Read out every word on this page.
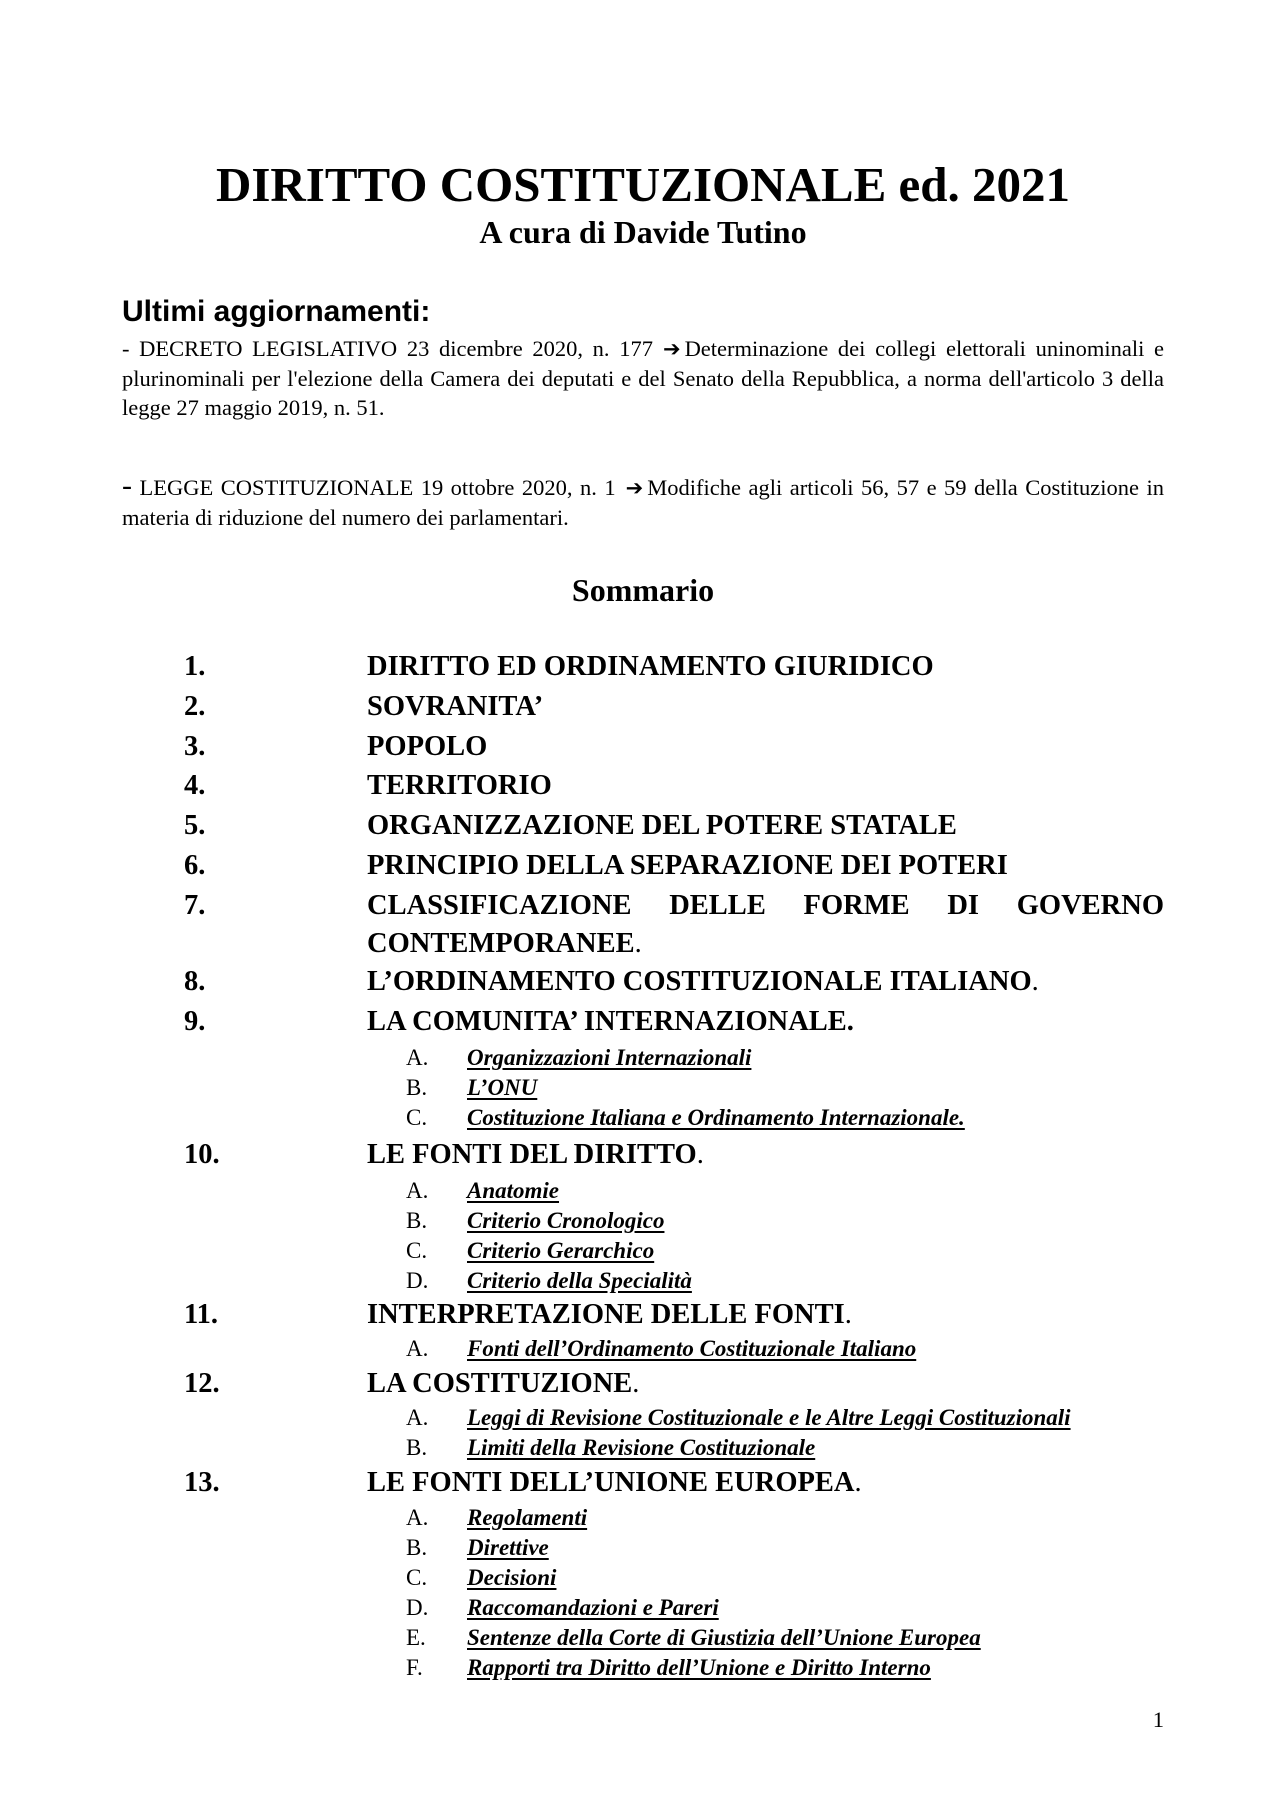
DIRITTO COSTITUZIONALE ed. 2021
A cura di Davide Tutino
Ultimi aggiornamenti:

- DECRETO LEGISLATIVO 23 dicembre 2020, n. 177 ➔ Determinazione dei collegi elettorali uninominali e plurinominali per l'elezione della Camera dei deputati e del Senato della Repubblica, a norma dell'articolo 3 della legge 27 maggio 2019, n. 51.

- LEGGE COSTITUZIONALE 19 ottobre 2020, n. 1 ➔ Modifiche agli articoli 56, 57 e 59 della Costituzione in materia di riduzione del numero dei parlamentari.

Sommario
1.	DIRITTO ED ORDINAMENTO GIURIDICO
2.	SOVRANITA’
3.	POPOLO
4.	TERRITORIO
5.	ORGANIZZAZIONE DEL POTERE STATALE
6.	PRINCIPIO DELLA SEPARAZIONE DEI POTERI
7.	CLASSIFICAZIONE DELLE FORME DI GOVERNO CONTEMPORANEE.
8.	L’ORDINAMENTO COSTITUZIONALE ITALIANO.
9.	LA COMUNITA’ INTERNAZIONALE.
A. Organizzazioni Internazionali
B. L’ONU
C. Costituzione Italiana e Ordinamento Internazionale.
10.	LE FONTI DEL DIRITTO.
A. Anatomie
B. Criterio Cronologico
C. Criterio Gerarchico
D. Criterio della Specialità
11.	INTERPRETAZIONE DELLE FONTI.
A. Fonti dell’Ordinamento Costituzionale Italiano
12.	LA COSTITUZIONE.
A. Leggi di Revisione Costituzionale e le Altre Leggi Costituzionali
B. Limiti della Revisione Costituzionale
13.	LE FONTI DELL’UNIONE EUROPEA.
A. Regolamenti
B. Direttive
C. Decisioni
D. Raccomandazioni e Pareri
E. Sentenze della Corte di Giustizia dell’Unione Europea
F. Rapporti tra Diritto dell’Unione e Diritto Interno
1
